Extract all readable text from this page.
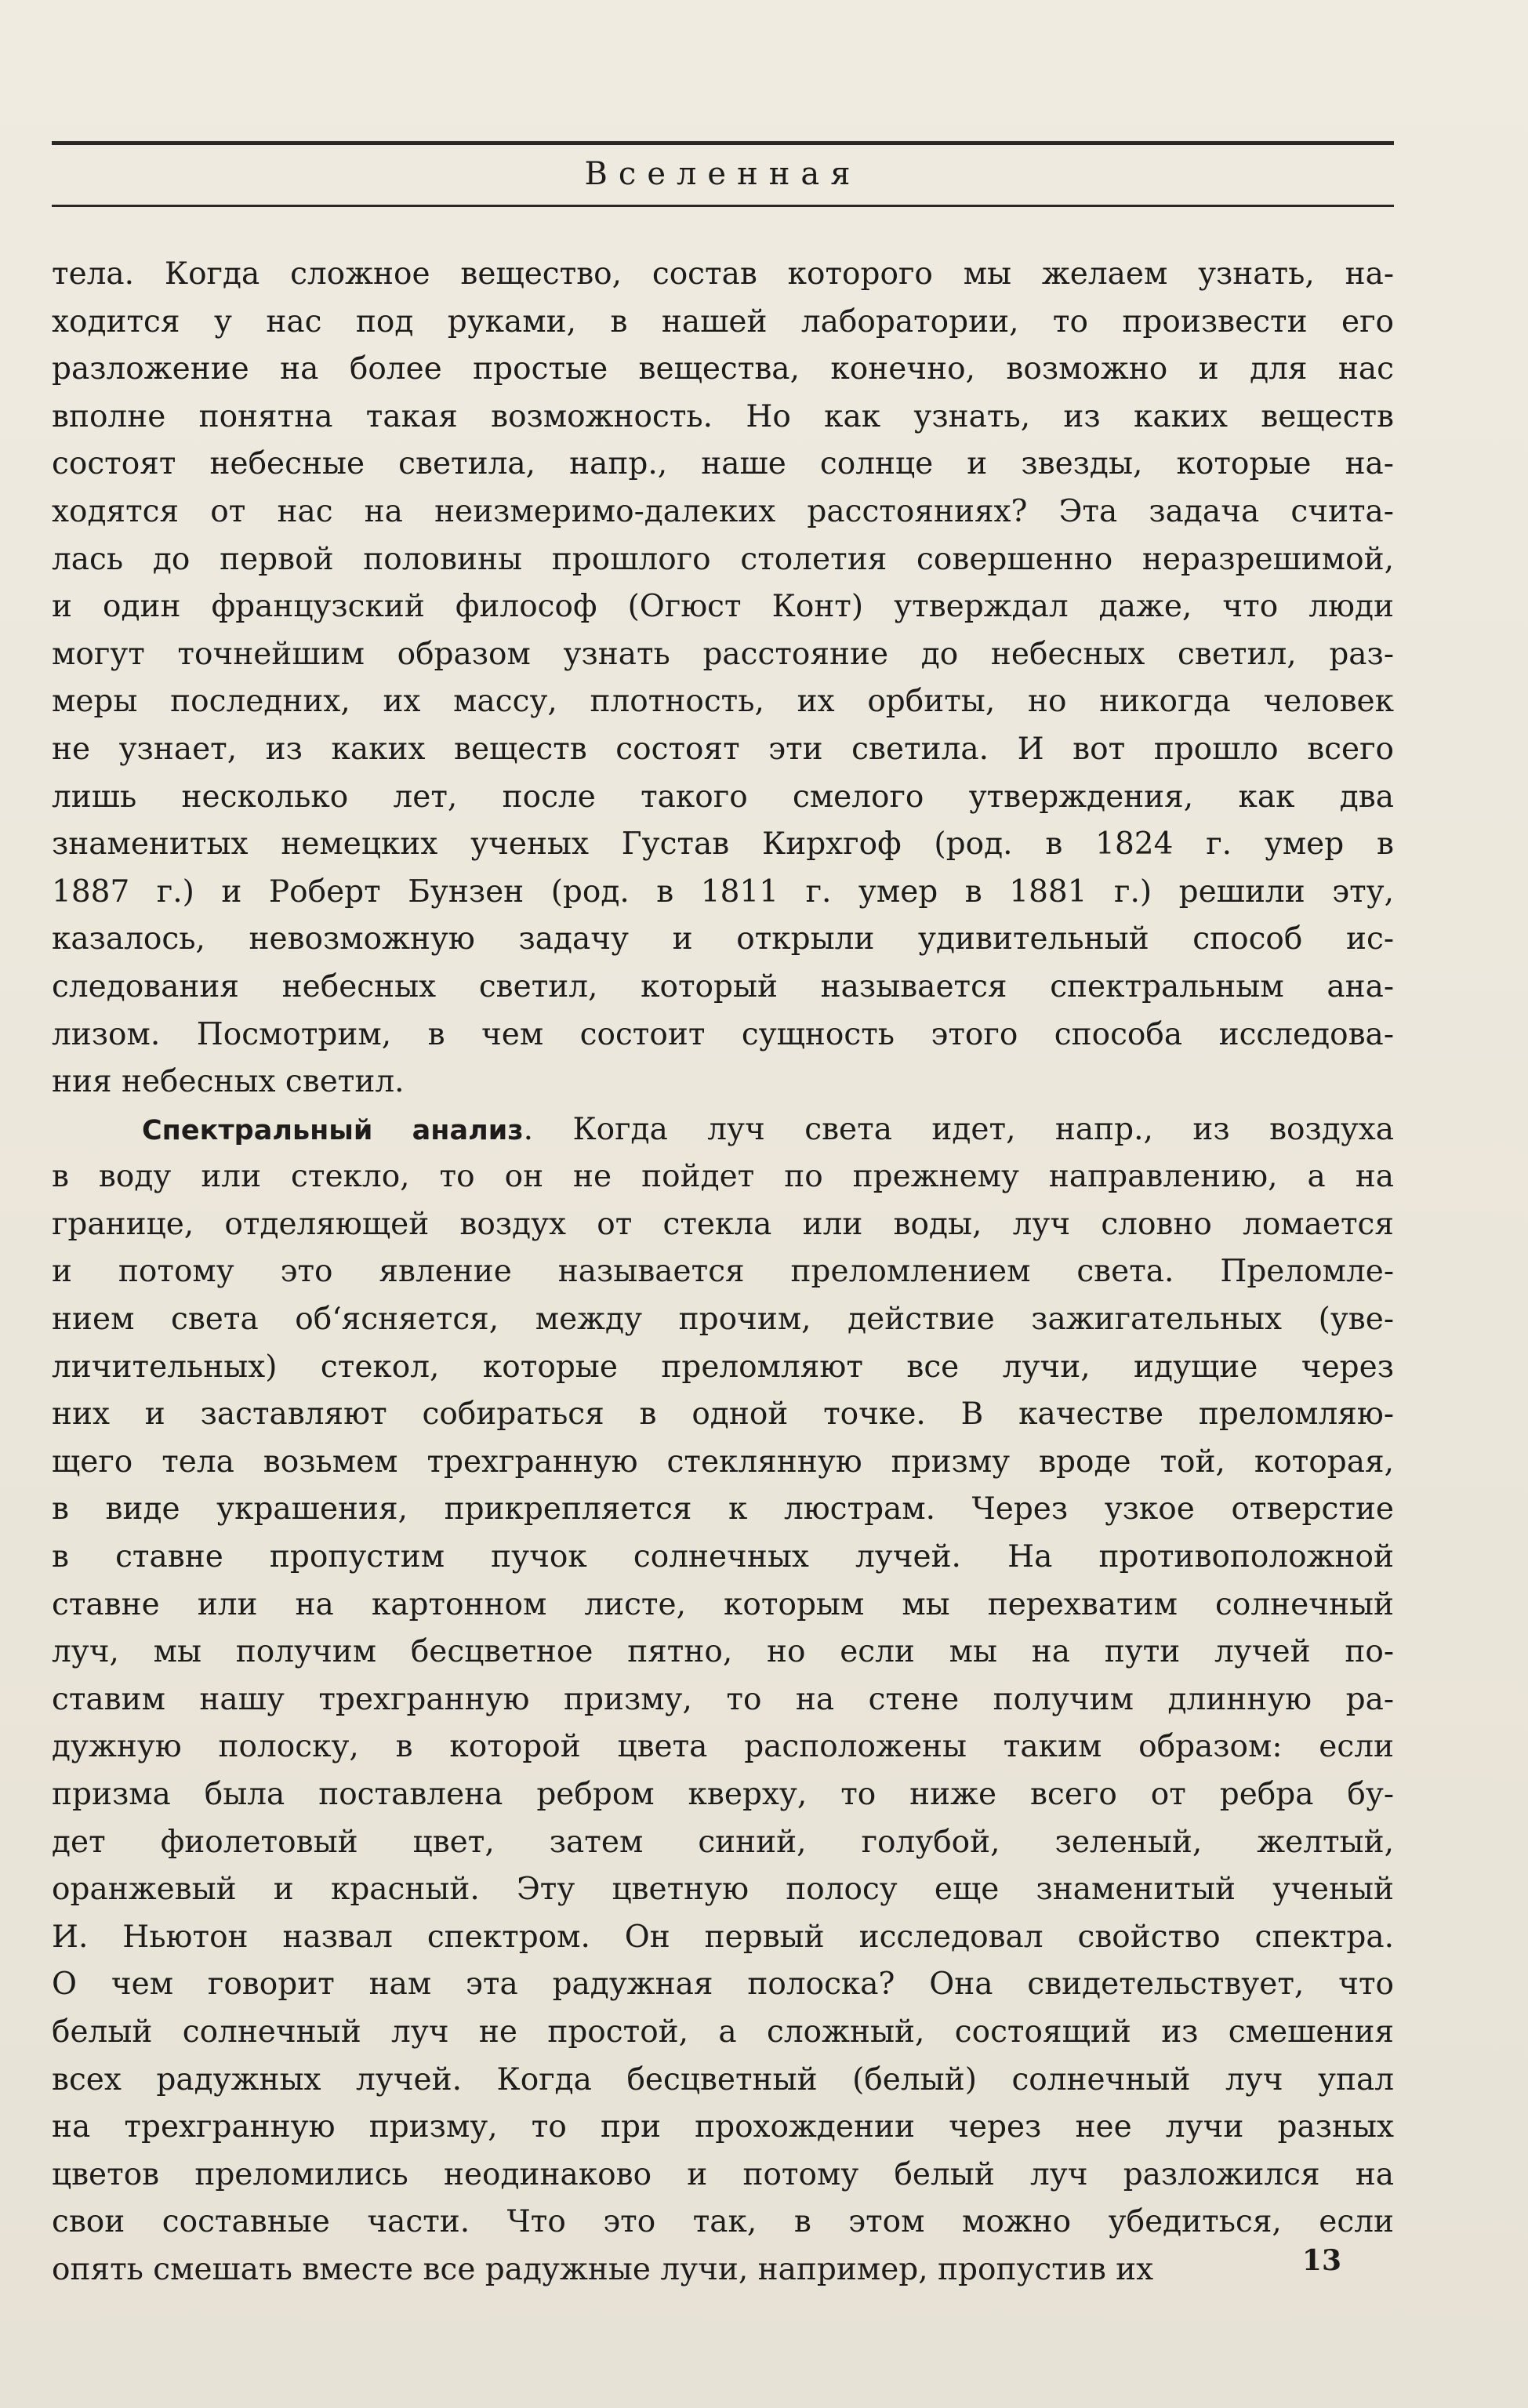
Вселенная
тела. Когда сложное вещество, состав которого мы желаем узнать, на-
ходится у нас под руками, в нашей лаборатории, то произвести его
разложение на более простые вещества, конечно, возможно и для нас
вполне понятна такая возможность. Но как узнать, из каких веществ
состоят небесные светила, напр., наше солнце и звезды, которые на-
ходятся от нас на неизмеримо-далеких расстояниях? Эта задача счита-
лась до первой половины прошлого столетия совершенно неразрешимой,
и один французский философ (Огюст Конт) утверждал даже, что люди
могут точнейшим образом узнать расстояние до небесных светил, раз-
меры последних, их массу, плотность, их орбиты, но никогда человек
не узнает, из каких веществ состоят эти светила. И вот прошло всего
лишь несколько лет, после такого смелого утверждения, как два
знаменитых немецких ученых Густав Кирхгоф (род. в 1824 г. умер в
1887 г.) и Роберт Бунзен (род. в 1811 г. умер в 1881 г.) решили эту,
казалось, невозможную задачу и открыли удивительный способ ис-
следования небесных светил, который называется спектральным ана-
лизом. Посмотрим, в чем состоит сущность этого способа исследова-
ния небесных светил.
Спектральный анализ. Когда луч света идет, напр., из воздуха
в воду или стекло, то он не пойдет по прежнему направлению, а на
границе, отделяющей воздух от стекла или воды, луч словно ломается
и потому это явление называется преломлением света. Преломле-
нием света об‘ясняется, между прочим, действие зажигательных (уве-
личительных) стекол, которые преломляют все лучи, идущие через
них и заставляют собираться в одной точке. В качестве преломляю-
щего тела возьмем трехгранную стеклянную призму вроде той, которая,
в виде украшения, прикрепляется к люстрам. Через узкое отверстие
в ставне пропустим пучок солнечных лучей. На противоположной
ставне или на картонном листе, которым мы перехватим солнечный
луч, мы получим бесцветное пятно, но если мы на пути лучей по-
ставим нашу трехгранную призму, то на стене получим длинную ра-
дужную полоску, в которой цвета расположены таким образом: если
призма была поставлена ребром кверху, то ниже всего от ребра бу-
дет фиолетовый цвет, затем синий, голубой, зеленый, желтый,
оранжевый и красный. Эту цветную полосу еще знаменитый ученый
И. Ньютон назвал спектром. Он первый исследовал свойство спектра.
О чем говорит нам эта радужная полоска? Она свидетельствует, что
белый солнечный луч не простой, а сложный, состоящий из смешения
всех радужных лучей. Когда бесцветный (белый) солнечный луч упал
на трехгранную призму, то при прохождении через нее лучи разных
цветов преломились неодинаково и потому белый луч разложился на
свои составные части. Что это так, в этом можно убедиться, если
опять смешать вместе все радужные лучи, например, пропустив их	13
